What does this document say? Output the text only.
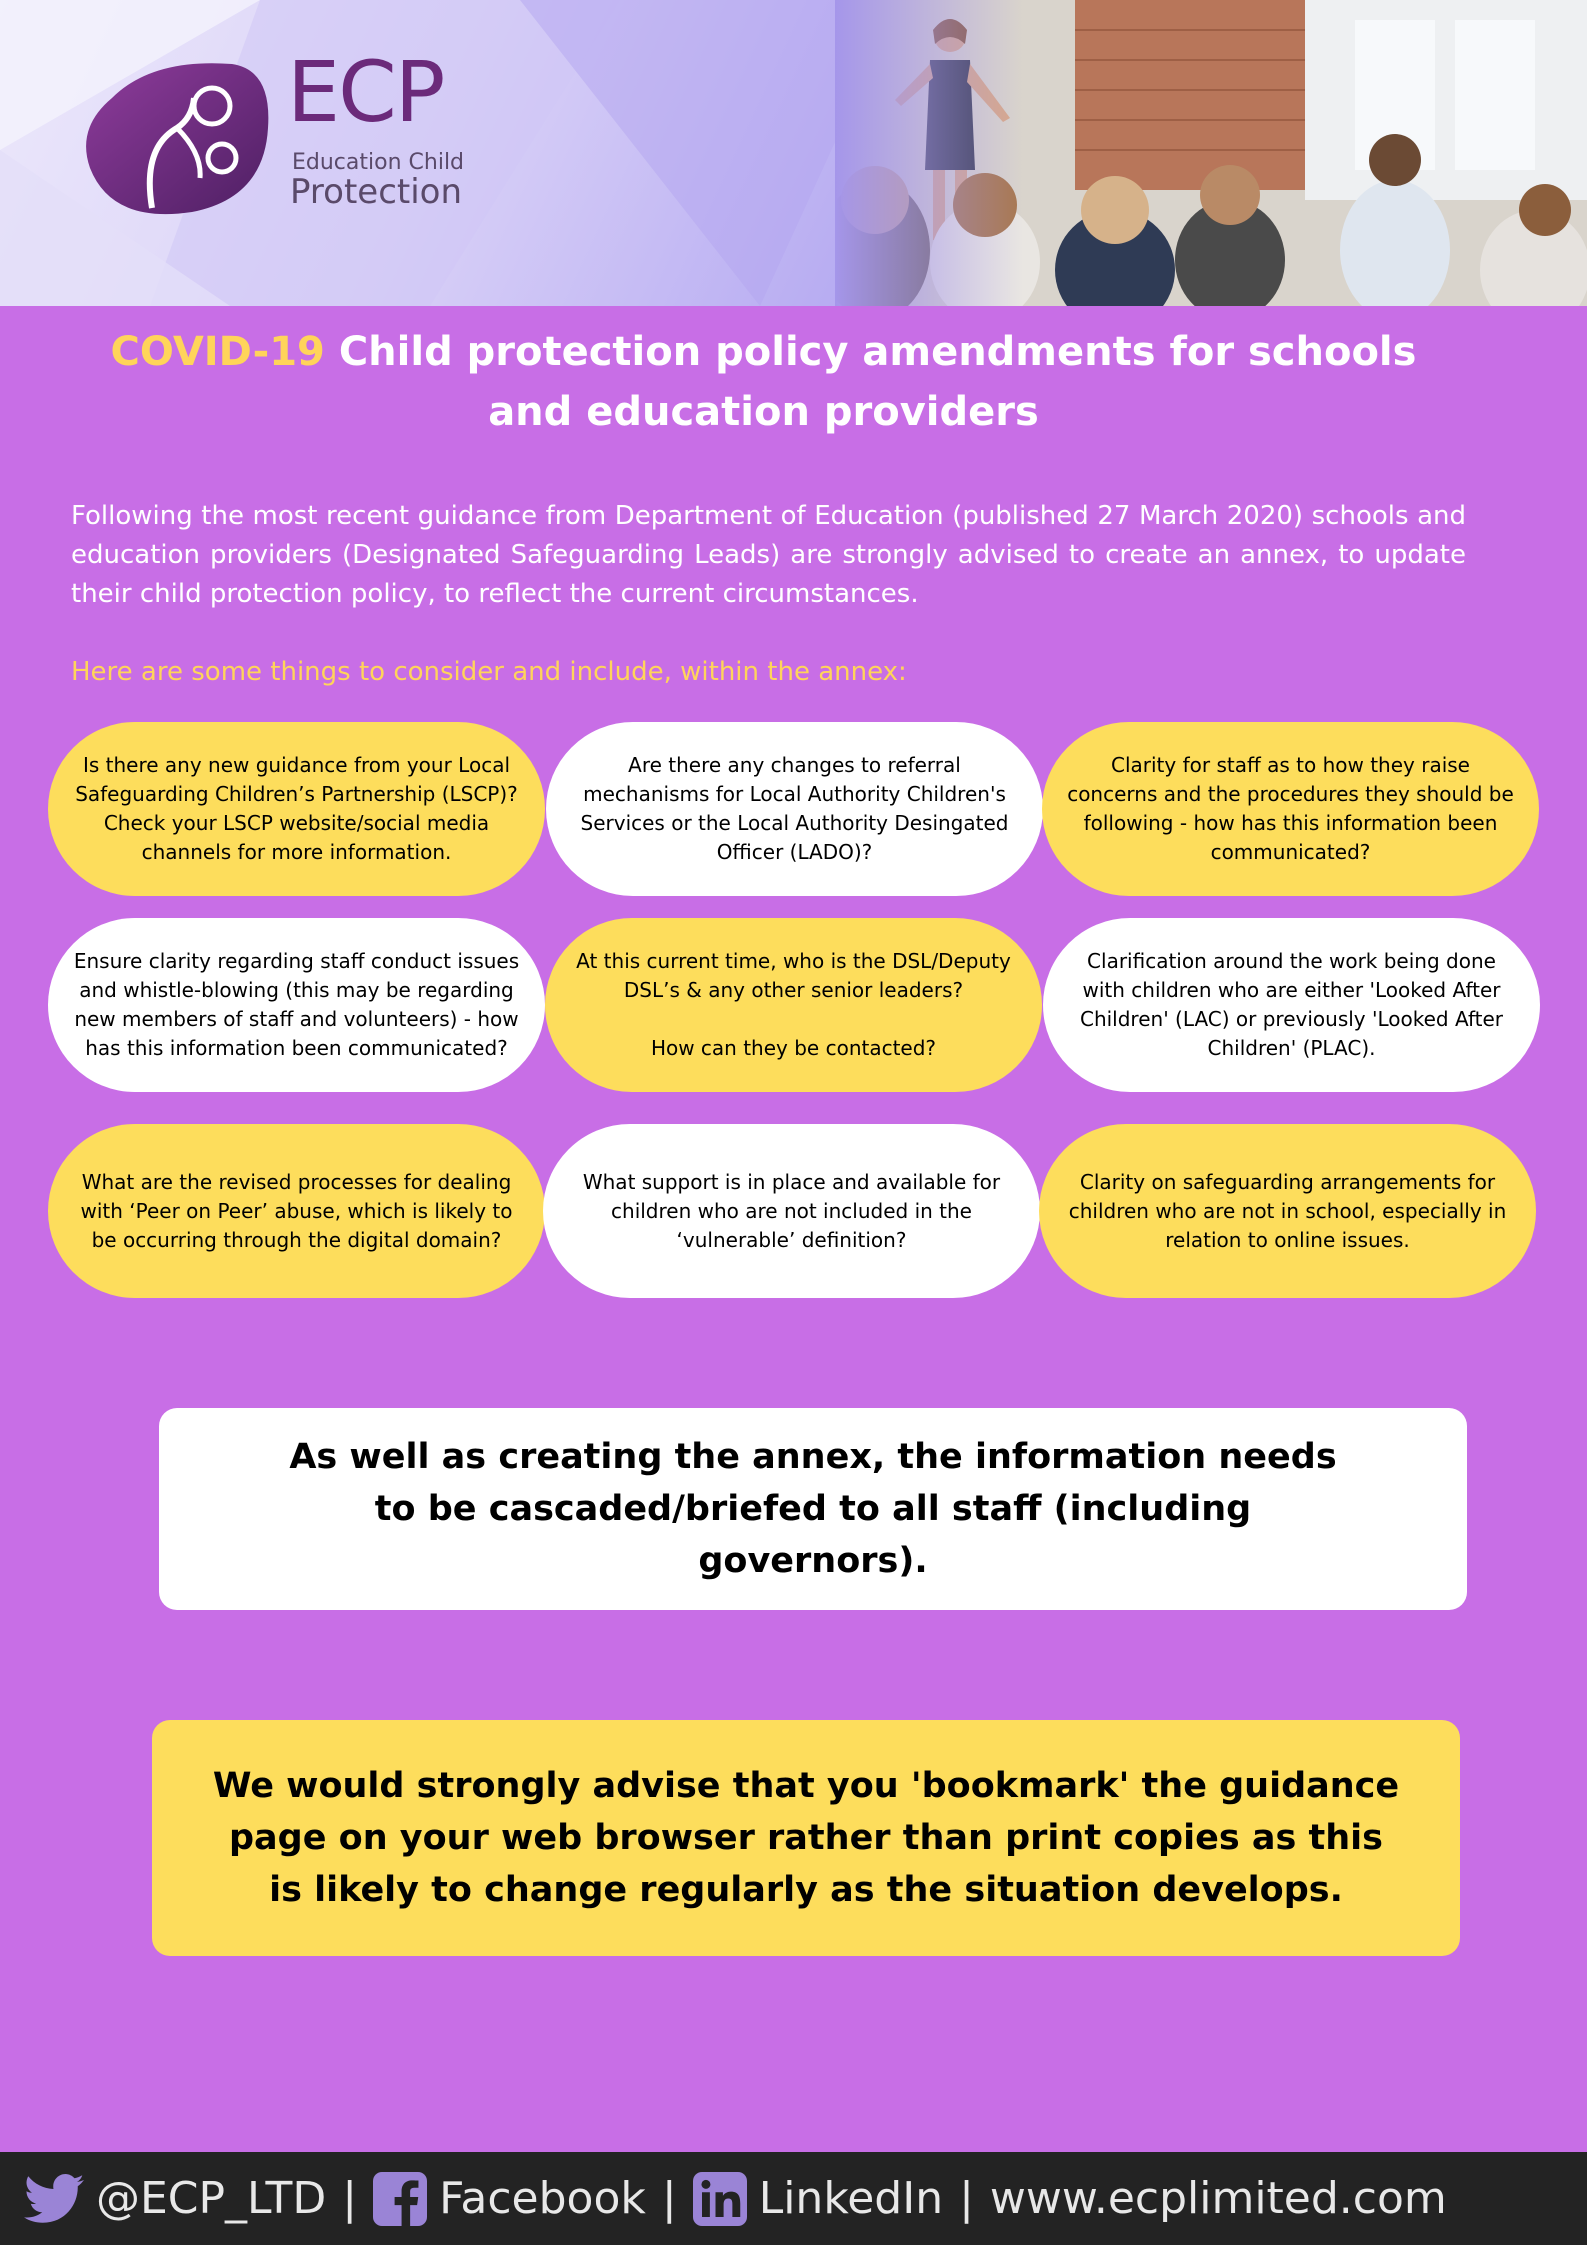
ECP
Education Child
Protection
COVID-19 Child protection policy amendments for schools and education providers
Following the most recent guidance from Department of Education (published 27 March 2020) schools and education providers (Designated Safeguarding Leads) are strongly advised to create an annex, to update their child protection policy, to reflect the current circumstances.
Here are some things to consider and include, within the annex:
Is there any new guidance from your Local Safeguarding Children’s Partnership (LSCP)? Check your LSCP website/social media channels for more information.
Are there any changes to referral mechanisms for Local Authority Children's Services or the Local Authority Desingated Officer (LADO)?
Clarity for staff as to how they raise concerns and the procedures they should be following - how has this information been communicated?
Ensure clarity regarding staff conduct issues and whistle-blowing (this may be regarding new members of staff and volunteers) - how has this information been communicated?
At this current time, who is the DSL/Deputy DSL’s & any other senior leaders?

How can they be contacted?
Clarification around the work being done with children who are either 'Looked After Children' (LAC) or previously 'Looked After Children' (PLAC).
What are the revised processes for dealing with ‘Peer on Peer’ abuse, which is likely to be occurring through the digital domain?
What support is in place and available for children who are not included in the ‘vulnerable’ definition?
Clarity on safeguarding arrangements for children who are not in school, especially in relation to online issues.
As well as creating the annex, the information needs to be cascaded/briefed to all staff (including governors).
We would strongly advise that you 'bookmark' the guidance page on your web browser rather than print copies as this is likely to change regularly as the situation develops.
@ECP_LTD | Facebook | LinkedIn | www.ecplimited.com
